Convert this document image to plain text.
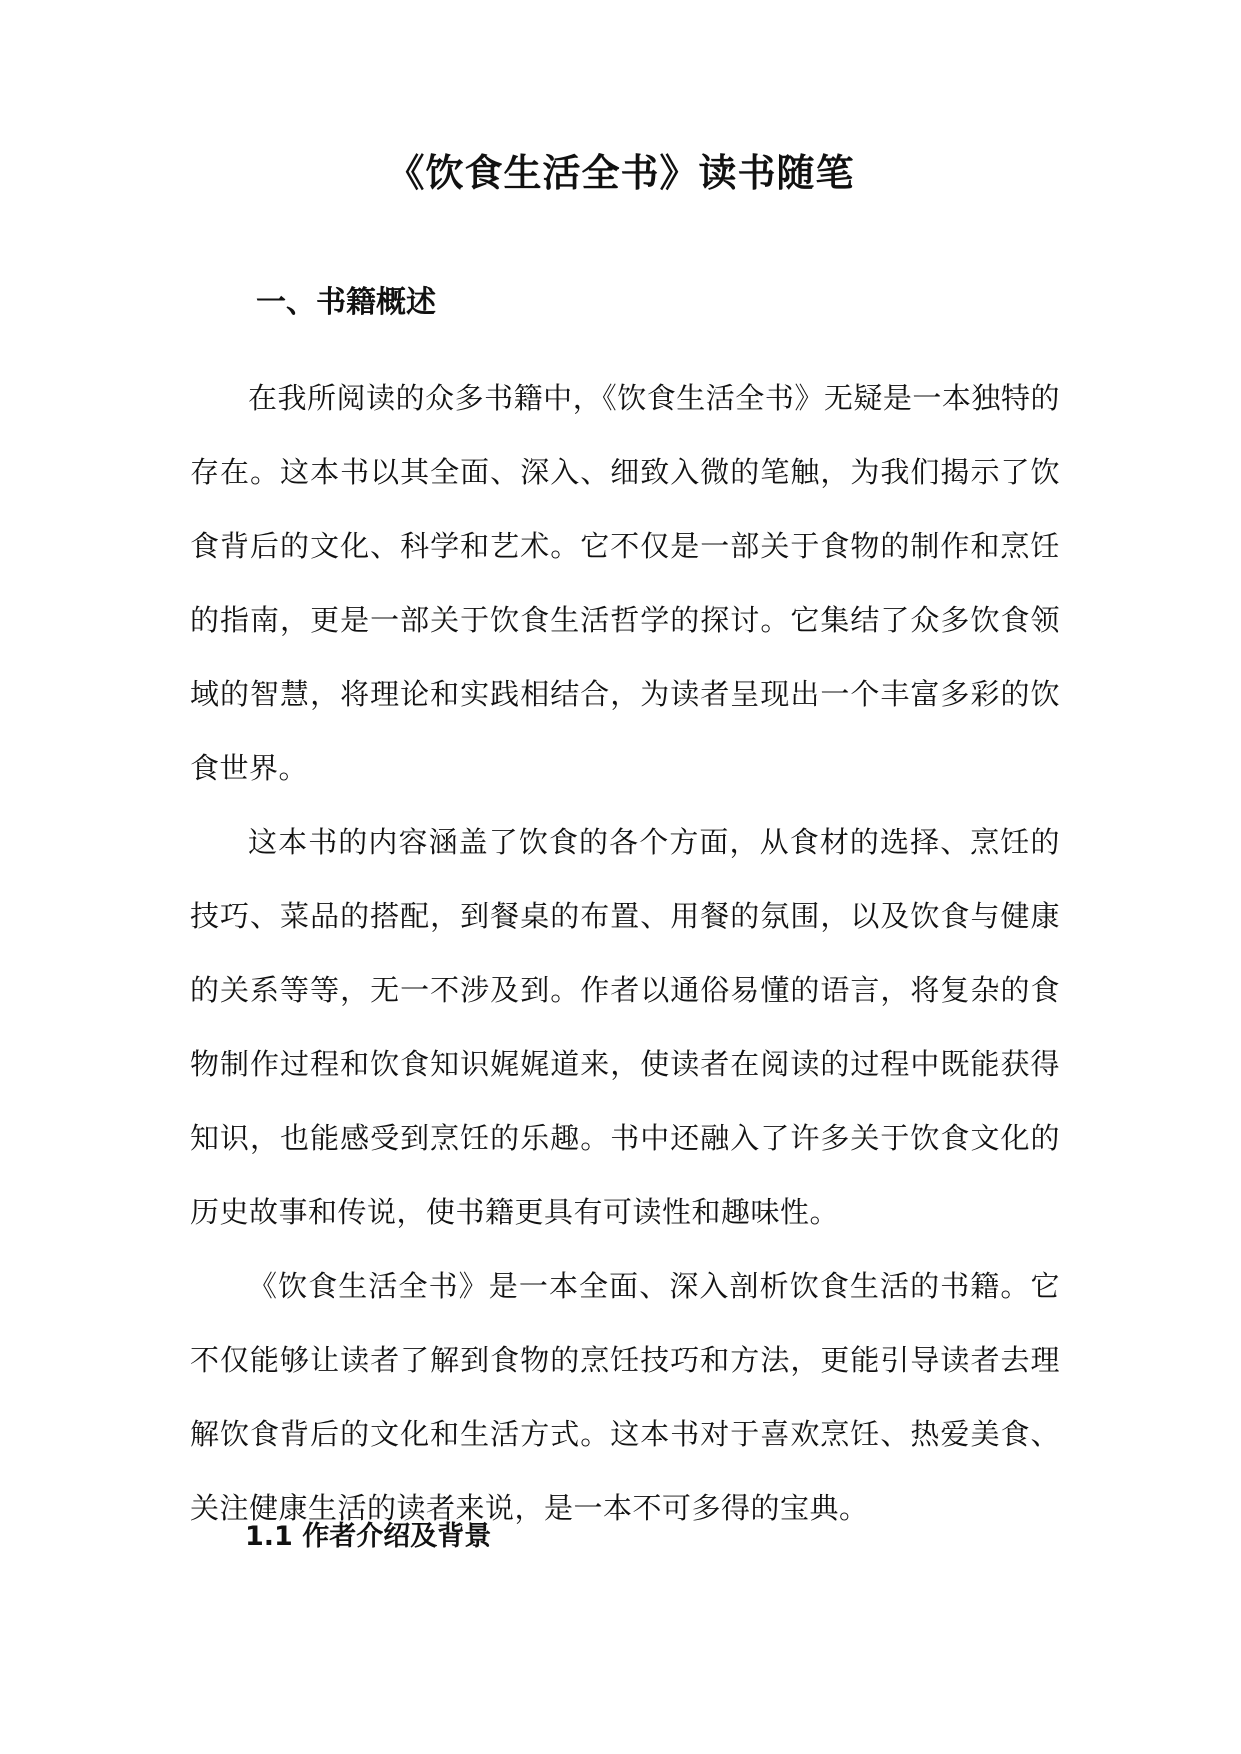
《饮食生活全书》读书随笔
一、书籍概述

在我所阅读的众多书籍中，《饮食生活全书》无疑是一本独特的存在。这本书以其全面、深入、细致入微的笔触，为我们揭示了饮食背后的文化、科学和艺术。它不仅是一部关于食物的制作和烹饪的指南，更是一部关于饮食生活哲学的探讨。它集结了众多饮食领域的智慧，将理论和实践相结合，为读者呈现出一个丰富多彩的饮食世界。

这本书的内容涵盖了饮食的各个方面，从食材的选择、烹饪的技巧、菜品的搭配，到餐桌的布置、用餐的氛围，以及饮食与健康的关系等等，无一不涉及到。作者以通俗易懂的语言，将复杂的食物制作过程和饮食知识娓娓道来，使读者在阅读的过程中既能获得知识，也能感受到烹饪的乐趣。书中还融入了许多关于饮食文化的历史故事和传说，使书籍更具有可读性和趣味性。

《饮食生活全书》是一本全面、深入剖析饮食生活的书籍。它不仅能够让读者了解到食物的烹饪技巧和方法，更能引导读者去理解饮食背后的文化和生活方式。这本书对于喜欢烹饪、热爱美食、关注健康生活的读者来说，是一本不可多得的宝典。

1.1 作者介绍及背景
